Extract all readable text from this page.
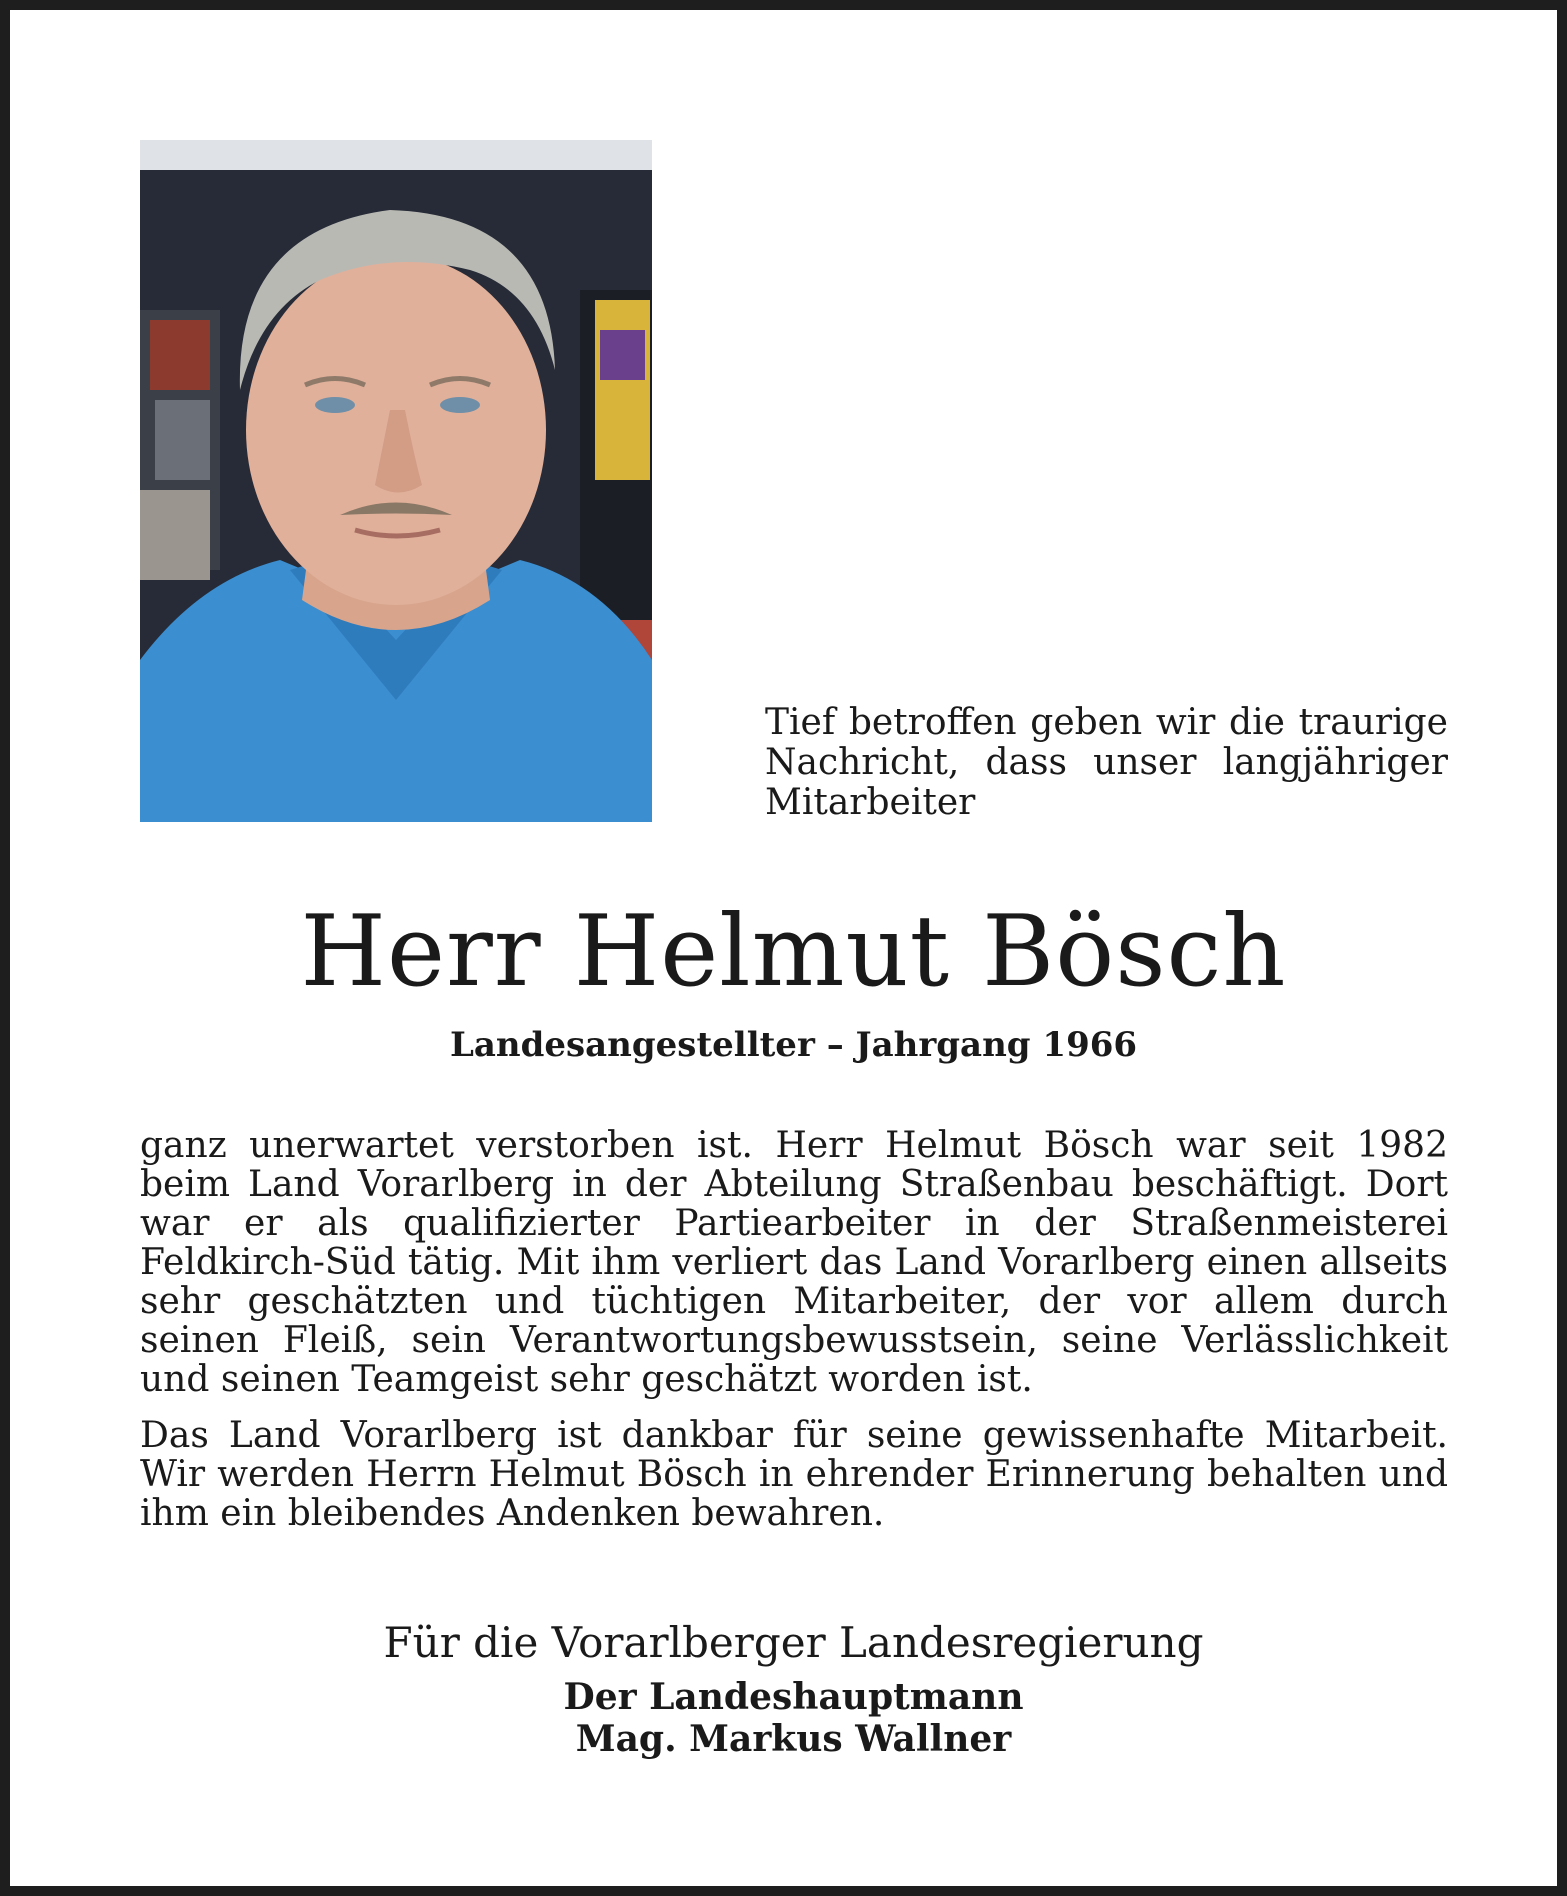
Tief betroffen geben wir die traurige Nachricht, dass unser langjähriger Mitarbeiter

Herr Helmut Bösch

Landesangestellter – Jahrgang 1966

ganz unerwartet verstorben ist. Herr Helmut Bösch war seit 1982 beim Land Vorarlberg in der Abteilung Straßenbau beschäftigt. Dort war er als qualifizierter Partiearbeiter in der Straßenmeisterei Feldkirch-Süd tätig. Mit ihm verliert das Land Vorarlberg einen allseits sehr geschätzten und tüchtigen Mitarbeiter, der vor allem durch seinen Fleiß, sein Verantwortungsbewusstsein, seine Verlässlichkeit und seinen Teamgeist sehr geschätzt worden ist.

Das Land Vorarlberg ist dankbar für seine gewissenhafte Mitarbeit. Wir werden Herrn Helmut Bösch in ehrender Erinnerung behalten und ihm ein bleibendes Andenken bewahren.

Für die Vorarlberger Landesregierung

Der Landeshauptmann

Mag. Markus Wallner
